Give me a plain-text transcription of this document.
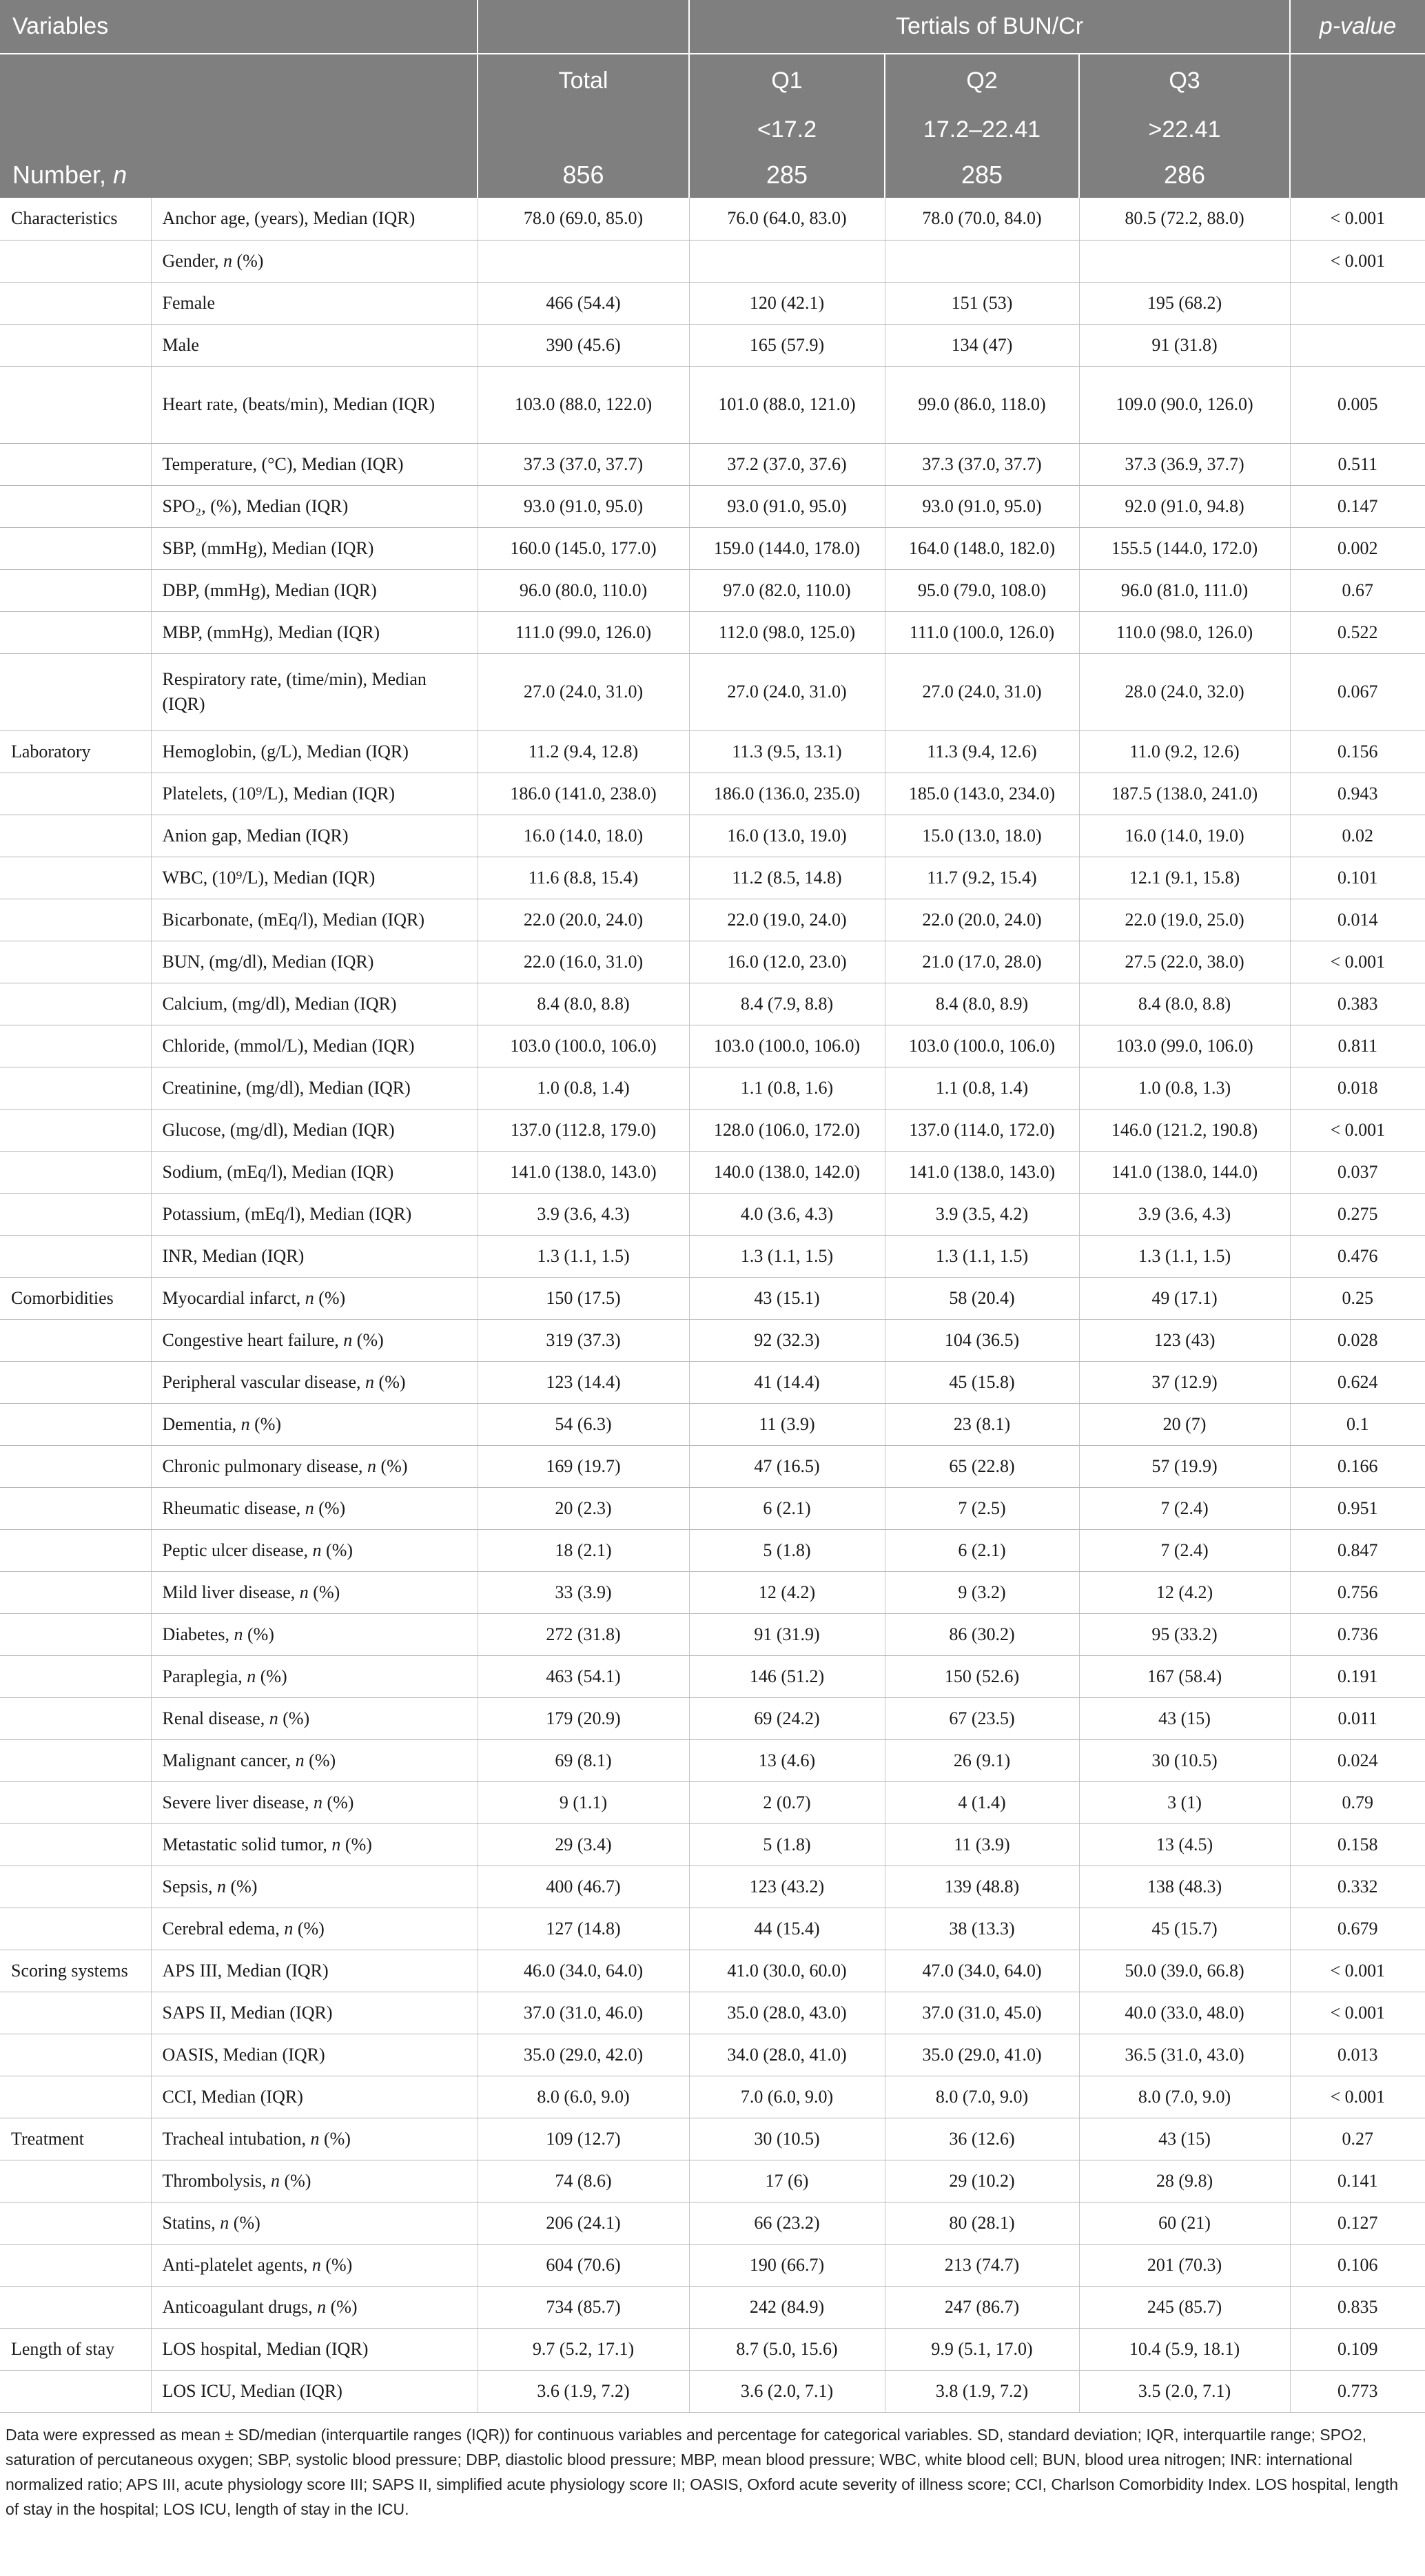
Variables			Tertials of BUN/Cr			p-value
		Total	Q1	Q2	Q3	
			<17.2	17.2–22.41	>22.41	
Number, n		856	285	285	286	
Characteristics	Anchor age, (years), Median (IQR)	78.0 (69.0, 85.0)	76.0 (64.0, 83.0)	78.0 (70.0, 84.0)	80.5 (72.2, 88.0)	< 0.001
	Gender, n (%)					< 0.001
	Female	466 (54.4)	120 (42.1)	151 (53)	195 (68.2)	
	Male	390 (45.6)	165 (57.9)	134 (47)	91 (31.8)	
	Heart rate, (beats/min), Median (IQR)	103.0 (88.0, 122.0)	101.0 (88.0, 121.0)	99.0 (86.0, 118.0)	109.0 (90.0, 126.0)	0.005
	Temperature, (°C), Median (IQR)	37.3 (37.0, 37.7)	37.2 (37.0, 37.6)	37.3 (37.0, 37.7)	37.3 (36.9, 37.7)	0.511
	SPO₂, (%), Median (IQR)	93.0 (91.0, 95.0)	93.0 (91.0, 95.0)	93.0 (91.0, 95.0)	92.0 (91.0, 94.8)	0.147
	SBP, (mmHg), Median (IQR)	160.0 (145.0, 177.0)	159.0 (144.0, 178.0)	164.0 (148.0, 182.0)	155.5 (144.0, 172.0)	0.002
	DBP, (mmHg), Median (IQR)	96.0 (80.0, 110.0)	97.0 (82.0, 110.0)	95.0 (79.0, 108.0)	96.0 (81.0, 111.0)	0.67
	MBP, (mmHg), Median (IQR)	111.0 (99.0, 126.0)	112.0 (98.0, 125.0)	111.0 (100.0, 126.0)	110.0 (98.0, 126.0)	0.522
	Respiratory rate, (time/min), Median (IQR)	27.0 (24.0, 31.0)	27.0 (24.0, 31.0)	27.0 (24.0, 31.0)	28.0 (24.0, 32.0)	0.067
Laboratory	Hemoglobin, (g/L), Median (IQR)	11.2 (9.4, 12.8)	11.3 (9.5, 13.1)	11.3 (9.4, 12.6)	11.0 (9.2, 12.6)	0.156
	Platelets, (10⁹/L), Median (IQR)	186.0 (141.0, 238.0)	186.0 (136.0, 235.0)	185.0 (143.0, 234.0)	187.5 (138.0, 241.0)	0.943
	Anion gap, Median (IQR)	16.0 (14.0, 18.0)	16.0 (13.0, 19.0)	15.0 (13.0, 18.0)	16.0 (14.0, 19.0)	0.02
	WBC, (10⁹/L), Median (IQR)	11.6 (8.8, 15.4)	11.2 (8.5, 14.8)	11.7 (9.2, 15.4)	12.1 (9.1, 15.8)	0.101
	Bicarbonate, (mEq/l), Median (IQR)	22.0 (20.0, 24.0)	22.0 (19.0, 24.0)	22.0 (20.0, 24.0)	22.0 (19.0, 25.0)	0.014
	BUN, (mg/dl), Median (IQR)	22.0 (16.0, 31.0)	16.0 (12.0, 23.0)	21.0 (17.0, 28.0)	27.5 (22.0, 38.0)	< 0.001
	Calcium, (mg/dl), Median (IQR)	8.4 (8.0, 8.8)	8.4 (7.9, 8.8)	8.4 (8.0, 8.9)	8.4 (8.0, 8.8)	0.383
	Chloride, (mmol/L), Median (IQR)	103.0 (100.0, 106.0)	103.0 (100.0, 106.0)	103.0 (100.0, 106.0)	103.0 (99.0, 106.0)	0.811
	Creatinine, (mg/dl), Median (IQR)	1.0 (0.8, 1.4)	1.1 (0.8, 1.6)	1.1 (0.8, 1.4)	1.0 (0.8, 1.3)	0.018
	Glucose, (mg/dl), Median (IQR)	137.0 (112.8, 179.0)	128.0 (106.0, 172.0)	137.0 (114.0, 172.0)	146.0 (121.2, 190.8)	< 0.001
	Sodium, (mEq/l), Median (IQR)	141.0 (138.0, 143.0)	140.0 (138.0, 142.0)	141.0 (138.0, 143.0)	141.0 (138.0, 144.0)	0.037
	Potassium, (mEq/l), Median (IQR)	3.9 (3.6, 4.3)	4.0 (3.6, 4.3)	3.9 (3.5, 4.2)	3.9 (3.6, 4.3)	0.275
	INR, Median (IQR)	1.3 (1.1, 1.5)	1.3 (1.1, 1.5)	1.3 (1.1, 1.5)	1.3 (1.1, 1.5)	0.476
Comorbidities	Myocardial infarct, n (%)	150 (17.5)	43 (15.1)	58 (20.4)	49 (17.1)	0.25
	Congestive heart failure, n (%)	319 (37.3)	92 (32.3)	104 (36.5)	123 (43)	0.028
	Peripheral vascular disease, n (%)	123 (14.4)	41 (14.4)	45 (15.8)	37 (12.9)	0.624
	Dementia, n (%)	54 (6.3)	11 (3.9)	23 (8.1)	20 (7)	0.1
	Chronic pulmonary disease, n (%)	169 (19.7)	47 (16.5)	65 (22.8)	57 (19.9)	0.166
	Rheumatic disease, n (%)	20 (2.3)	6 (2.1)	7 (2.5)	7 (2.4)	0.951
	Peptic ulcer disease, n (%)	18 (2.1)	5 (1.8)	6 (2.1)	7 (2.4)	0.847
	Mild liver disease, n (%)	33 (3.9)	12 (4.2)	9 (3.2)	12 (4.2)	0.756
	Diabetes, n (%)	272 (31.8)	91 (31.9)	86 (30.2)	95 (33.2)	0.736
	Paraplegia, n (%)	463 (54.1)	146 (51.2)	150 (52.6)	167 (58.4)	0.191
	Renal disease, n (%)	179 (20.9)	69 (24.2)	67 (23.5)	43 (15)	0.011
	Malignant cancer, n (%)	69 (8.1)	13 (4.6)	26 (9.1)	30 (10.5)	0.024
	Severe liver disease, n (%)	9 (1.1)	2 (0.7)	4 (1.4)	3 (1)	0.79
	Metastatic solid tumor, n (%)	29 (3.4)	5 (1.8)	11 (3.9)	13 (4.5)	0.158
	Sepsis, n (%)	400 (46.7)	123 (43.2)	139 (48.8)	138 (48.3)	0.332
	Cerebral edema, n (%)	127 (14.8)	44 (15.4)	38 (13.3)	45 (15.7)	0.679
Scoring systems	APS III, Median (IQR)	46.0 (34.0, 64.0)	41.0 (30.0, 60.0)	47.0 (34.0, 64.0)	50.0 (39.0, 66.8)	< 0.001
	SAPS II, Median (IQR)	37.0 (31.0, 46.0)	35.0 (28.0, 43.0)	37.0 (31.0, 45.0)	40.0 (33.0, 48.0)	< 0.001
	OASIS, Median (IQR)	35.0 (29.0, 42.0)	34.0 (28.0, 41.0)	35.0 (29.0, 41.0)	36.5 (31.0, 43.0)	0.013
	CCI, Median (IQR)	8.0 (6.0, 9.0)	7.0 (6.0, 9.0)	8.0 (7.0, 9.0)	8.0 (7.0, 9.0)	< 0.001
Treatment	Tracheal intubation, n (%)	109 (12.7)	30 (10.5)	36 (12.6)	43 (15)	0.27
	Thrombolysis, n (%)	74 (8.6)	17 (6)	29 (10.2)	28 (9.8)	0.141
	Statins, n (%)	206 (24.1)	66 (23.2)	80 (28.1)	60 (21)	0.127
	Anti-platelet agents, n (%)	604 (70.6)	190 (66.7)	213 (74.7)	201 (70.3)	0.106
	Anticoagulant drugs, n (%)	734 (85.7)	242 (84.9)	247 (86.7)	245 (85.7)	0.835
Length of stay	LOS hospital, Median (IQR)	9.7 (5.2, 17.1)	8.7 (5.0, 15.6)	9.9 (5.1, 17.0)	10.4 (5.9, 18.1)	0.109
	LOS ICU, Median (IQR)	3.6 (1.9, 7.2)	3.6 (2.0, 7.1)	3.8 (1.9, 7.2)	3.5 (2.0, 7.1)	0.773
Data were expressed as mean ± SD/median (interquartile ranges (IQR)) for continuous variables and percentage for categorical variables. SD, standard deviation; IQR, interquartile range; SPO2, saturation of percutaneous oxygen; SBP, systolic blood pressure; DBP, diastolic blood pressure; MBP, mean blood pressure; WBC, white blood cell; BUN, blood urea nitrogen; INR: international normalized ratio; APS III, acute physiology score III; SAPS II, simplified acute physiology score II; OASIS, Oxford acute severity of illness score; CCI, Charlson Comorbidity Index. LOS hospital, length of stay in the hospital; LOS ICU, length of stay in the ICU.
